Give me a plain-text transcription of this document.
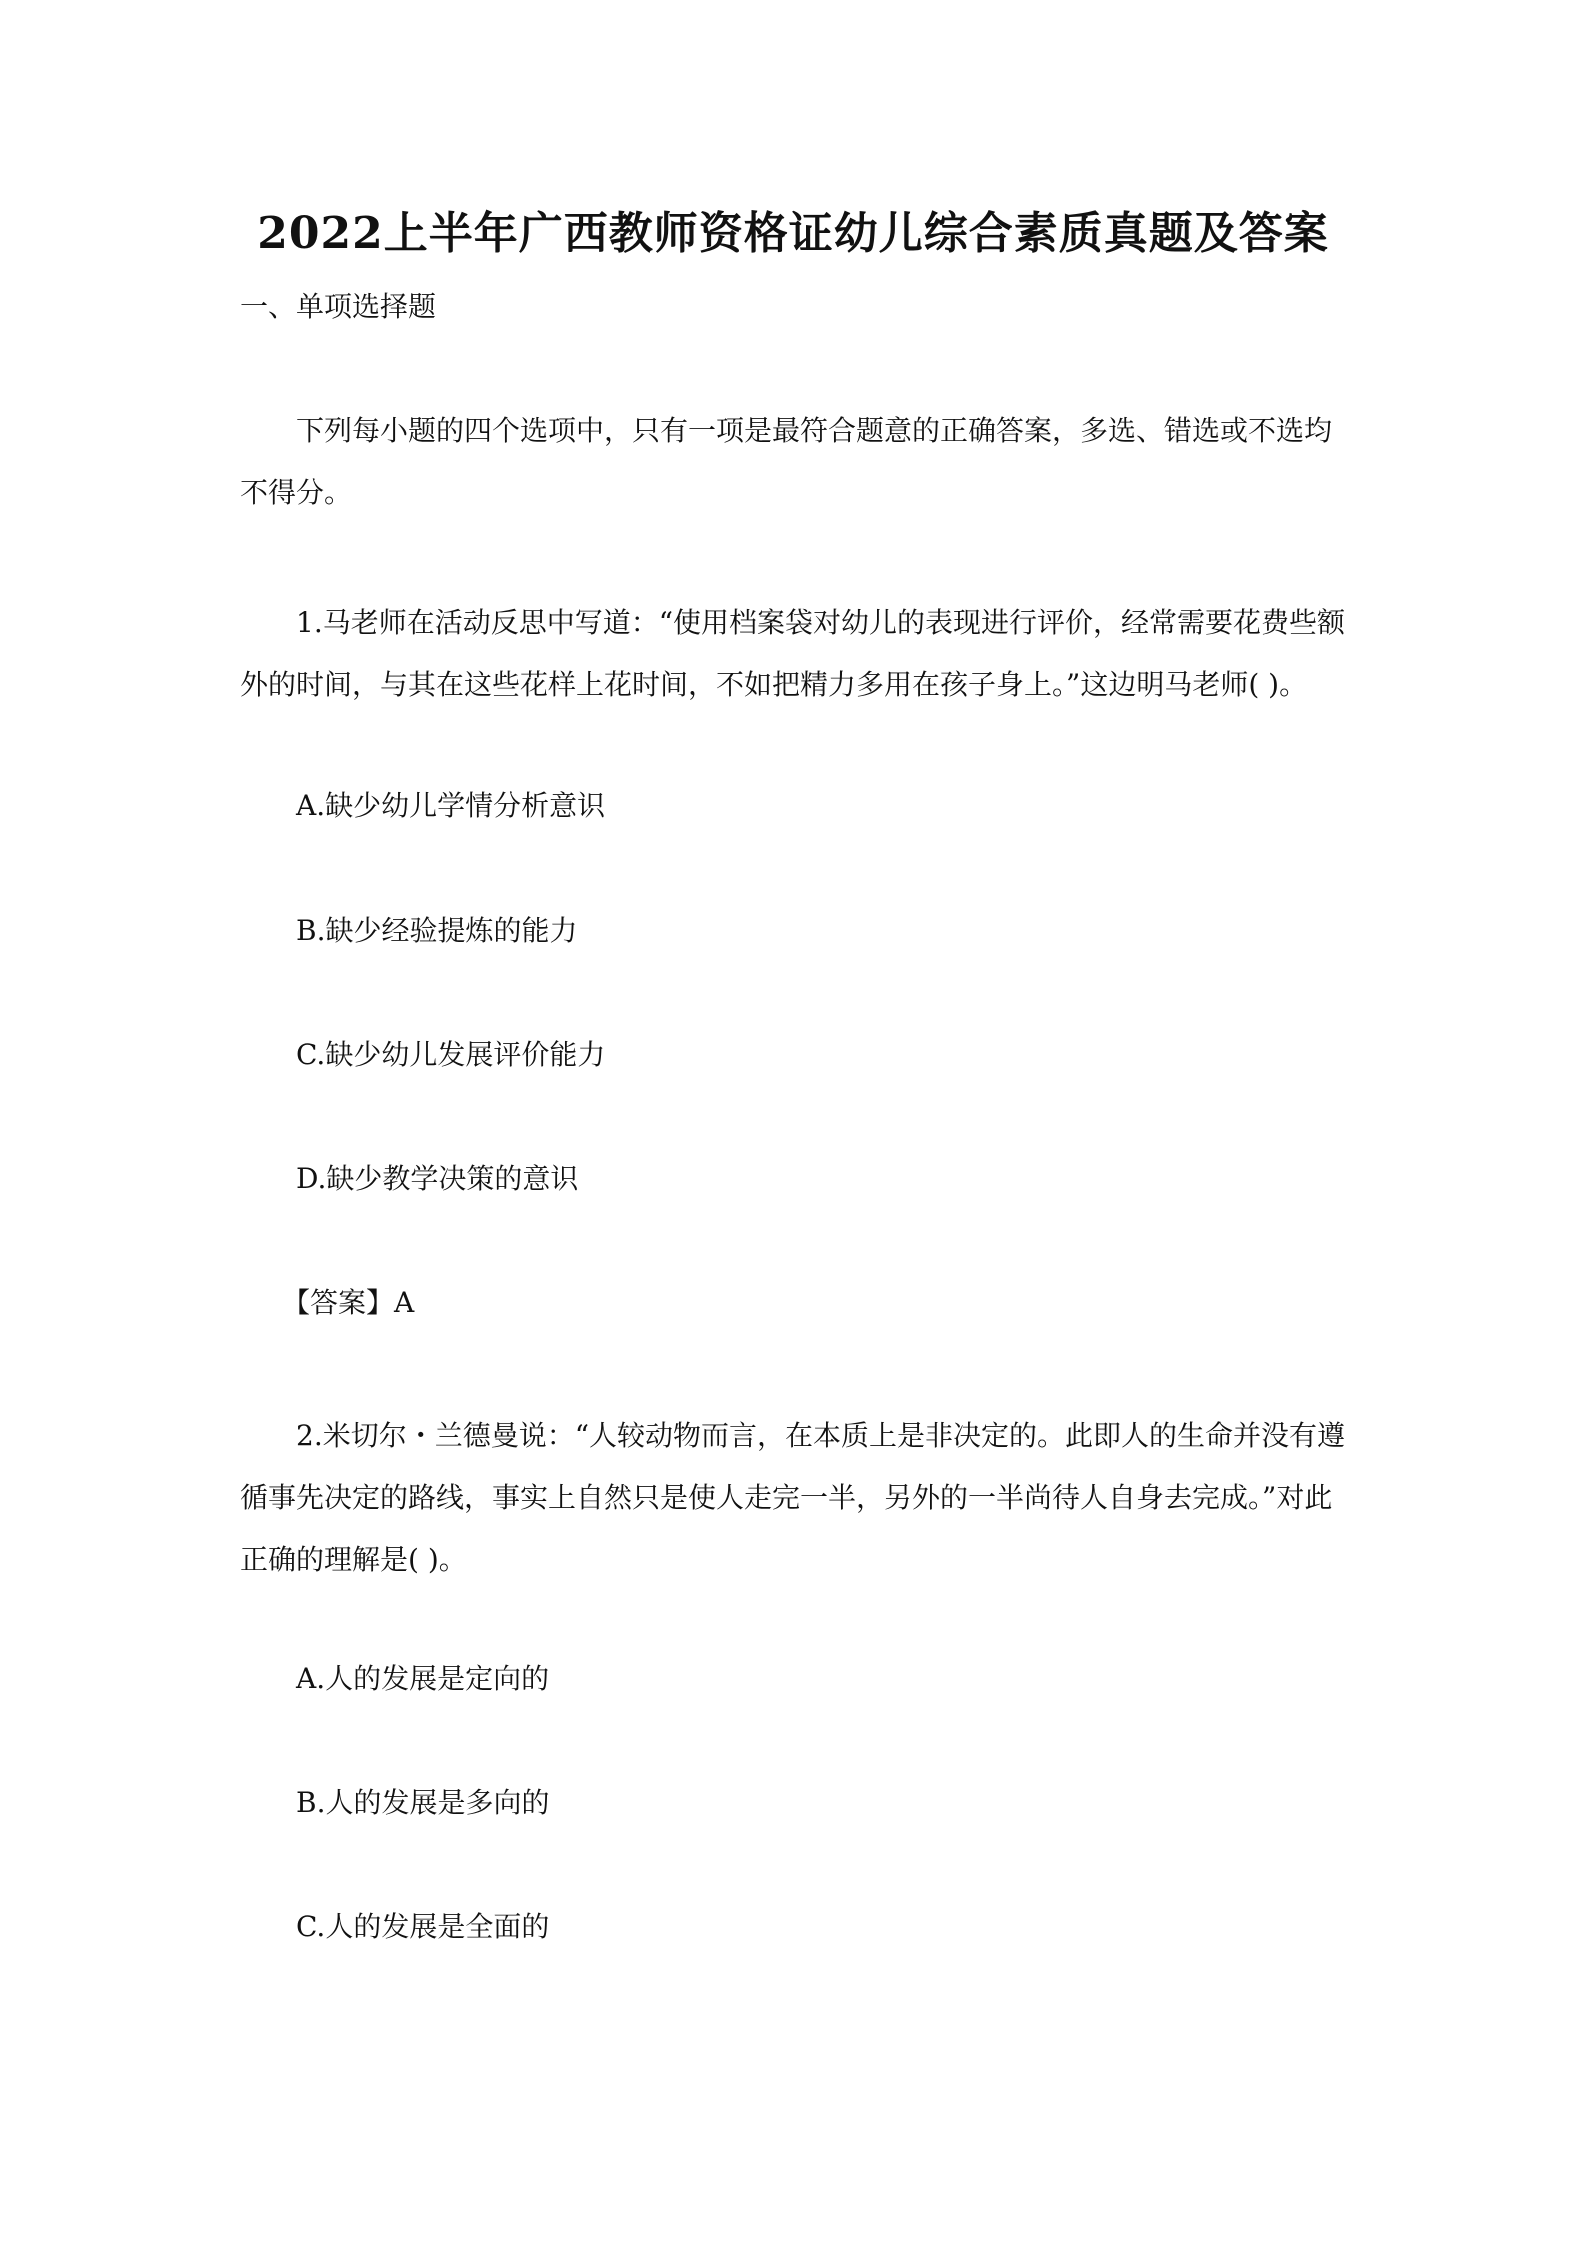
2022上半年广西教师资格证幼儿综合素质真题及答案

一、单项选择题

下列每小题的四个选项中，只有一项是最符合题意的正确答案，多选、错选或不选均不得分。

1.马老师在活动反思中写道：“使用档案袋对幼儿的表现进行评价，经常需要花费些额外的时间，与其在这些花样上花时间，不如把精力多用在孩子身上。”这边明马老师( )。

A.缺少幼儿学情分析意识

B.缺少经验提炼的能力

C.缺少幼儿发展评价能力

D.缺少教学决策的意识

【答案】A

2.米切尔・兰德曼说：“人较动物而言，在本质上是非决定的。此即人的生命并没有遵循事先决定的路线，事实上自然只是使人走完一半，另外的一半尚待人自身去完成。”对此正确的理解是( )。

A.人的发展是定向的

B.人的发展是多向的

C.人的发展是全面的
